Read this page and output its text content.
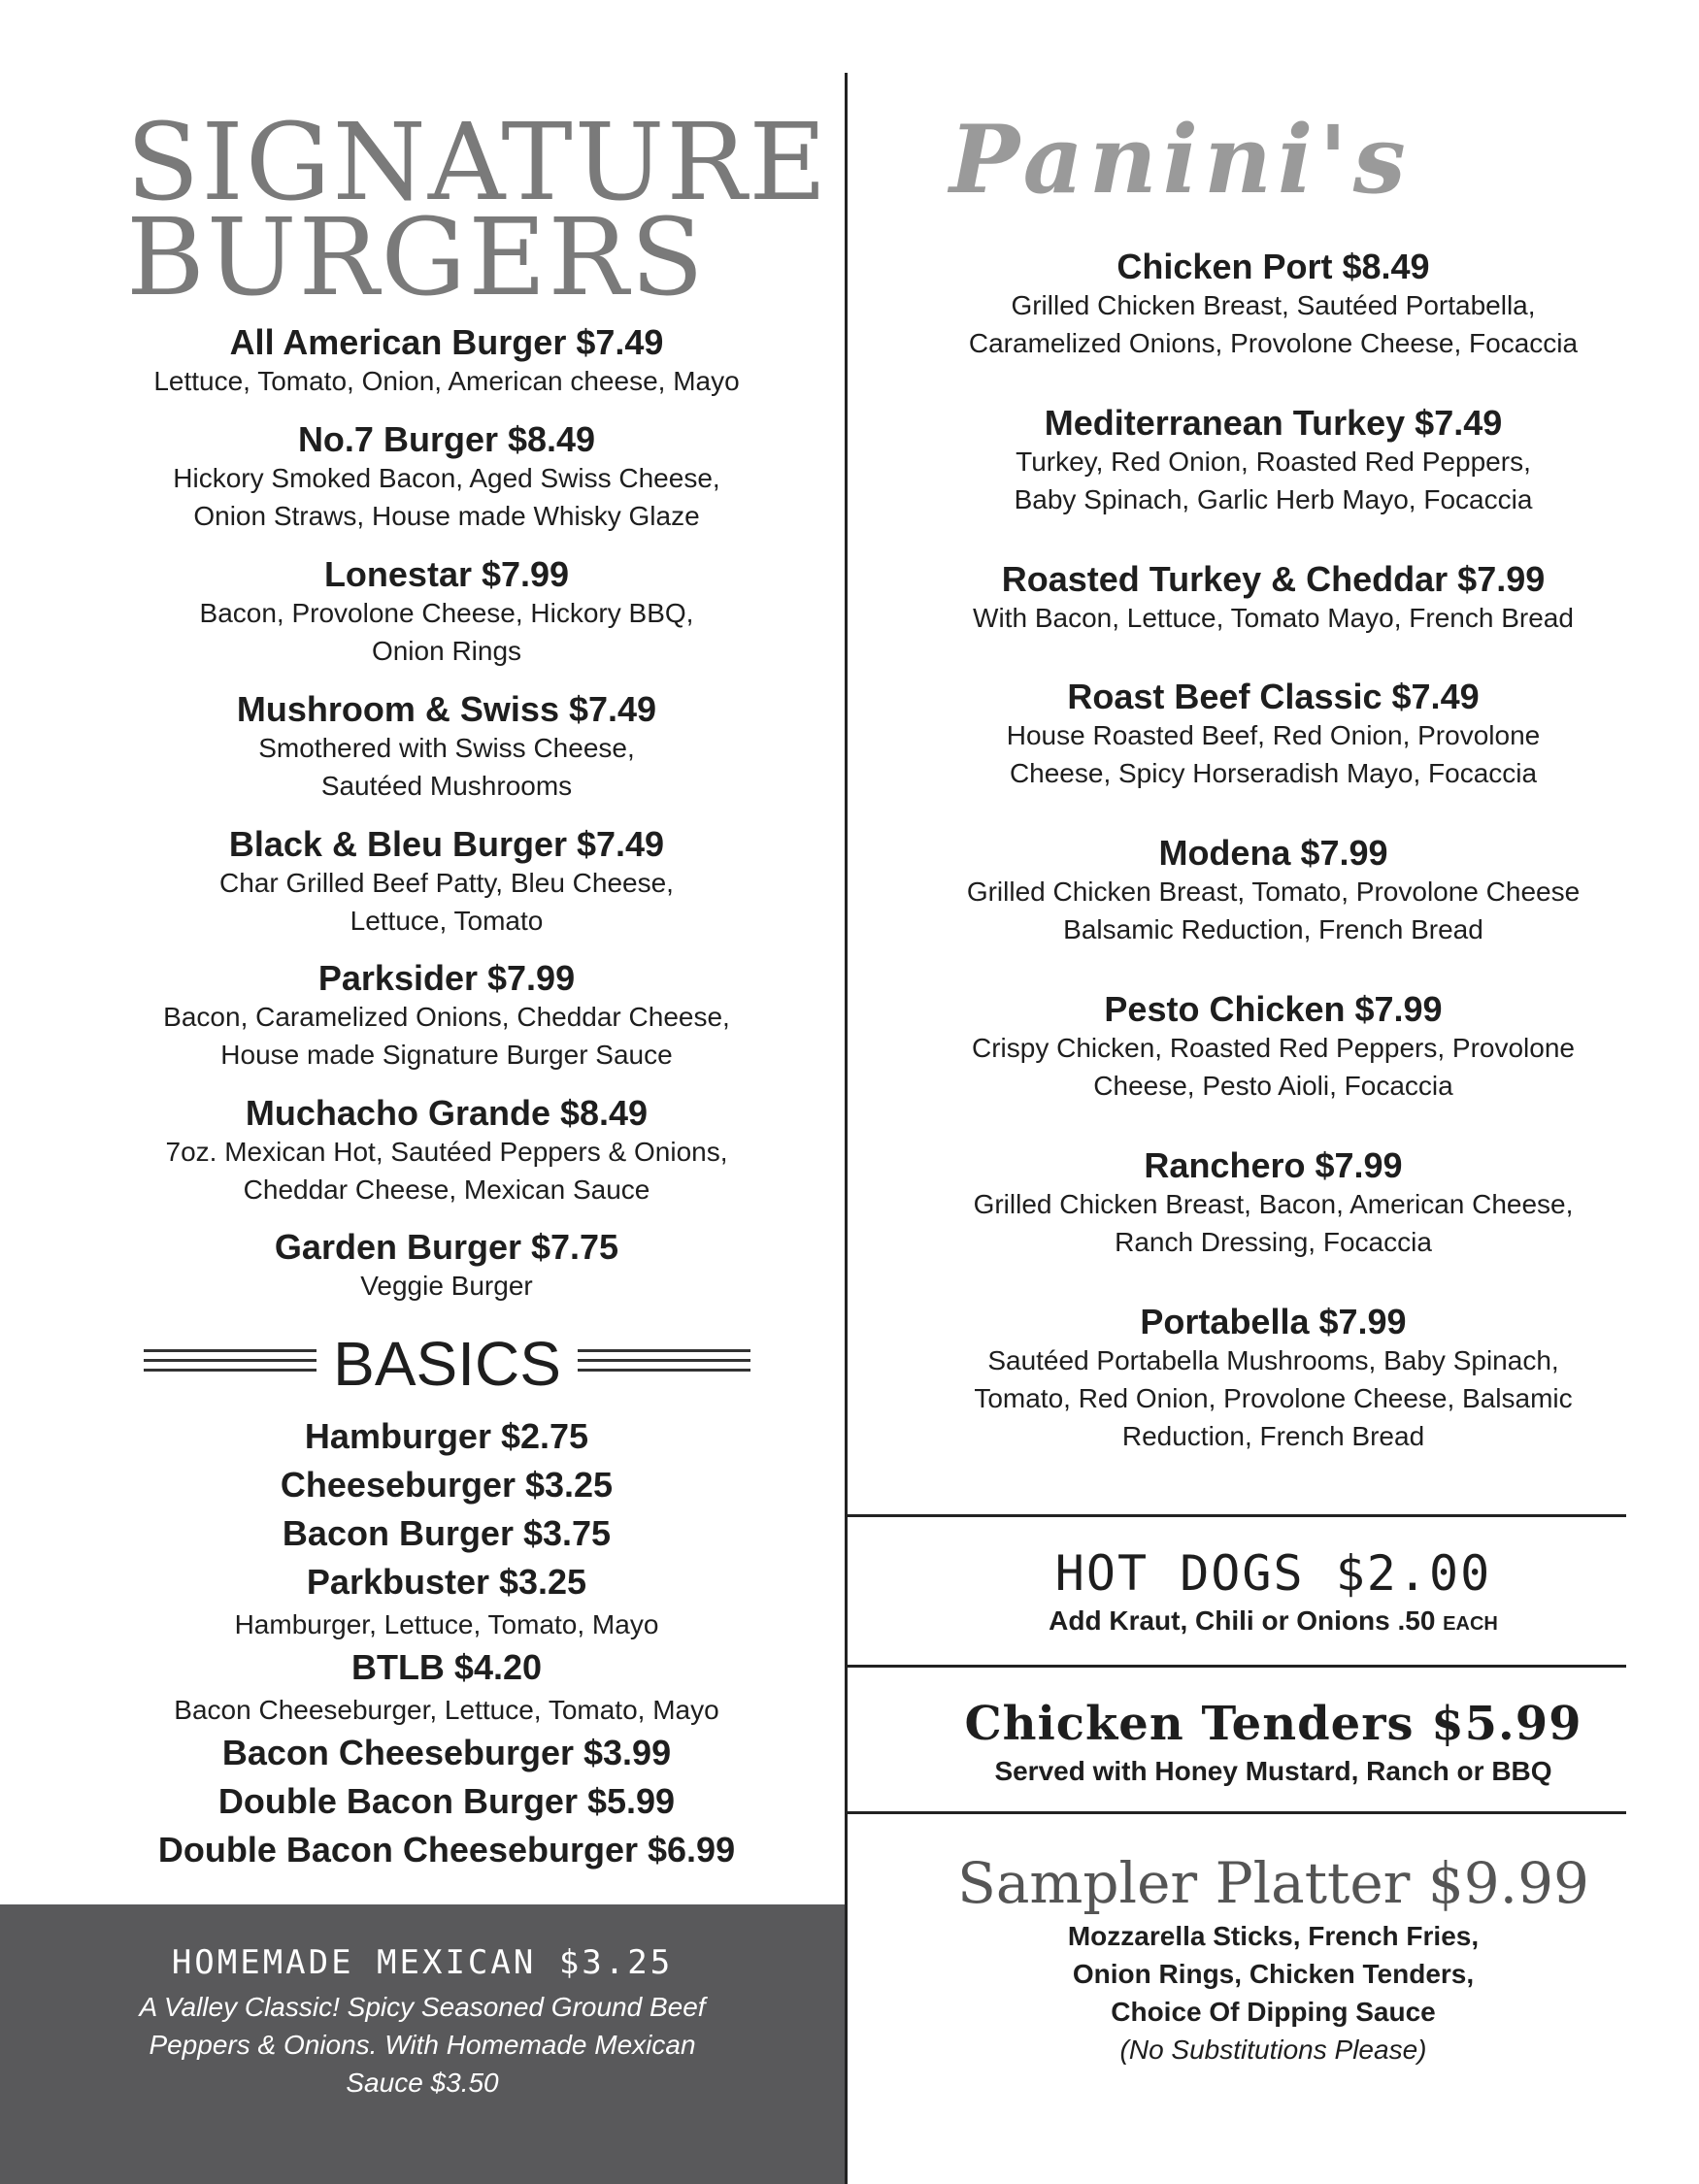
SIGNATURE
BURGERS
All American Burger $7.49
Lettuce, Tomato, Onion, American cheese, Mayo
No.7 Burger $8.49
Hickory Smoked Bacon, Aged Swiss Cheese,
Onion Straws, House made Whisky Glaze
Lonestar $7.99
Bacon, Provolone Cheese, Hickory BBQ,
Onion Rings
Mushroom & Swiss $7.49
Smothered with Swiss Cheese,
Sautéed Mushrooms
Black & Bleu Burger $7.49
Char Grilled Beef Patty, Bleu Cheese,
Lettuce, Tomato
Parksider $7.99
Bacon, Caramelized Onions, Cheddar Cheese,
House made Signature Burger Sauce
Muchacho Grande $8.49
7oz. Mexican Hot, Sautéed Peppers & Onions,
Cheddar Cheese, Mexican Sauce
Garden Burger $7.75
Veggie Burger
BASICS
Hamburger $2.75
Cheeseburger $3.25
Bacon Burger $3.75
Parkbuster $3.25
Hamburger, Lettuce, Tomato, Mayo
BTLB $4.20
Bacon Cheeseburger, Lettuce, Tomato, Mayo
Bacon Cheeseburger $3.99
Double Bacon Burger $5.99
Double Bacon Cheeseburger $6.99
HOMEMADE MEXICAN $3.25
A Valley Classic! Spicy Seasoned Ground Beef
Peppers & Onions. With Homemade Mexican
Sauce $3.50
Panini's
Chicken Port $8.49
Grilled Chicken Breast, Sautéed Portabella,
Caramelized Onions, Provolone Cheese, Focaccia
Mediterranean Turkey $7.49
Turkey, Red Onion, Roasted Red Peppers,
Baby Spinach, Garlic Herb Mayo, Focaccia
Roasted Turkey & Cheddar $7.99
With Bacon, Lettuce, Tomato Mayo, French Bread
Roast Beef Classic $7.49
House Roasted Beef, Red Onion, Provolone
Cheese, Spicy Horseradish Mayo, Focaccia
Modena $7.99
Grilled Chicken Breast, Tomato, Provolone Cheese
Balsamic Reduction, French Bread
Pesto Chicken $7.99
Crispy Chicken, Roasted Red Peppers, Provolone
Cheese, Pesto Aioli, Focaccia
Ranchero $7.99
Grilled Chicken Breast, Bacon, American Cheese,
Ranch Dressing, Focaccia
Portabella $7.99
Sautéed Portabella Mushrooms, Baby Spinach,
Tomato, Red Onion, Provolone Cheese, Balsamic
Reduction, French Bread
HOT DOGS $2.00
Add Kraut, Chili or Onions .50 EACH
Chicken Tenders $5.99
Served with Honey Mustard, Ranch or BBQ
Sampler Platter $9.99
Mozzarella Sticks, French Fries,
Onion Rings, Chicken Tenders,
Choice Of Dipping Sauce
(No Substitutions Please)
